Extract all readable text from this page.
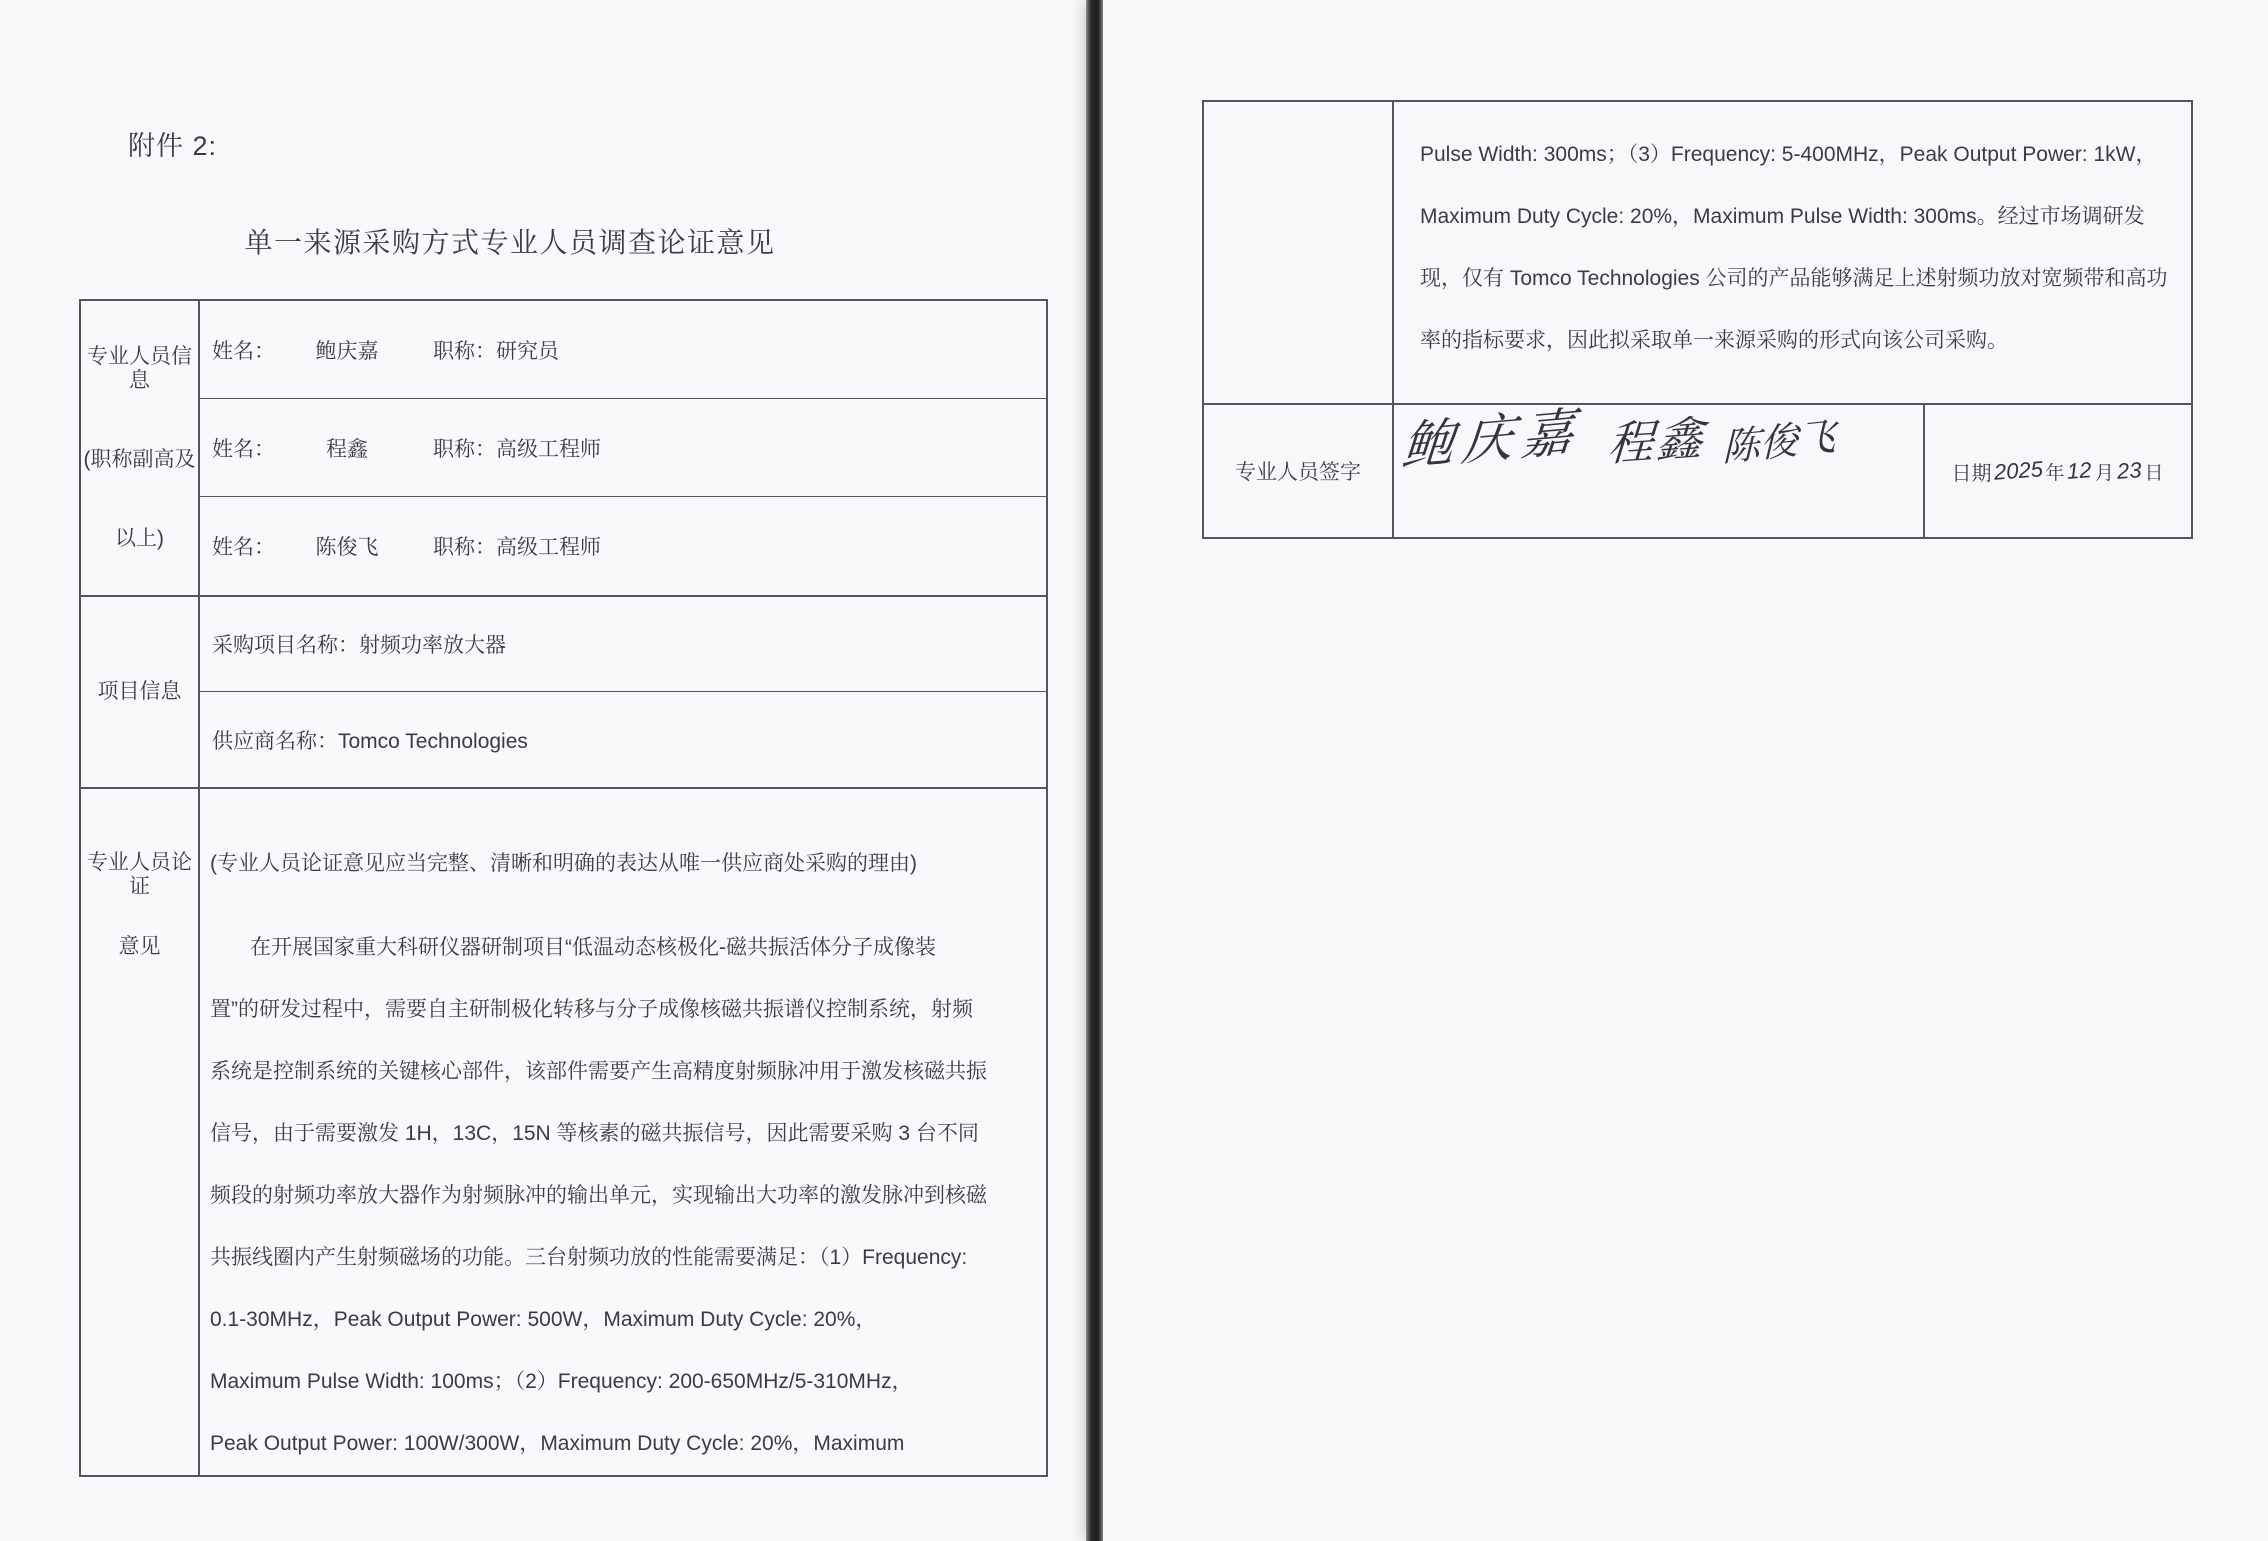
附件 2:
单一来源采购方式专业人员调查论证意见
专业人员信息
(职称副高及
以上)
姓名：	鲍庆嘉	职称：研究员
姓名：	程鑫	职称：高级工程师
姓名：	陈俊飞	职称：高级工程师
项目信息
采购项目名称：射频功率放大器
供应商名称：Tomco Technologies
专业人员论证
意见
(专业人员论证意见应当完整、清晰和明确的表达从唯一供应商处采购的理由)
在开展国家重大科研仪器研制项目“低温动态核极化-磁共振活体分子成像装
置”的研发过程中，需要自主研制极化转移与分子成像核磁共振谱仪控制系统，射频
系统是控制系统的关键核心部件，该部件需要产生高精度射频脉冲用于激发核磁共振
信号，由于需要激发 1H，13C，15N 等核素的磁共振信号，因此需要采购 3 台不同
频段的射频功率放大器作为射频脉冲的输出单元，实现输出大功率的激发脉冲到核磁
共振线圈内产生射频磁场的功能。三台射频功放的性能需要满足：（1）Frequency:
0.1-30MHz，Peak Output Power: 500W，Maximum Duty Cycle: 20%，
Maximum Pulse Width: 100ms；（2）Frequency: 200-650MHz/5-310MHz，
Peak Output Power: 100W/300W，Maximum Duty Cycle: 20%，Maximum
Pulse Width: 300ms；（3）Frequency: 5-400MHz，Peak Output Power: 1kW，
Maximum Duty Cycle: 20%，Maximum Pulse Width: 300ms。经过市场调研发
现，仅有 Tomco Technologies 公司的产品能够满足上述射频功放对宽频带和高功
率的指标要求，因此拟采取单一来源采购的形式向该公司采购。
专业人员签字 鲍庆嘉 程鑫 陈俊飞
日期 2025 年 12 月 23 日
